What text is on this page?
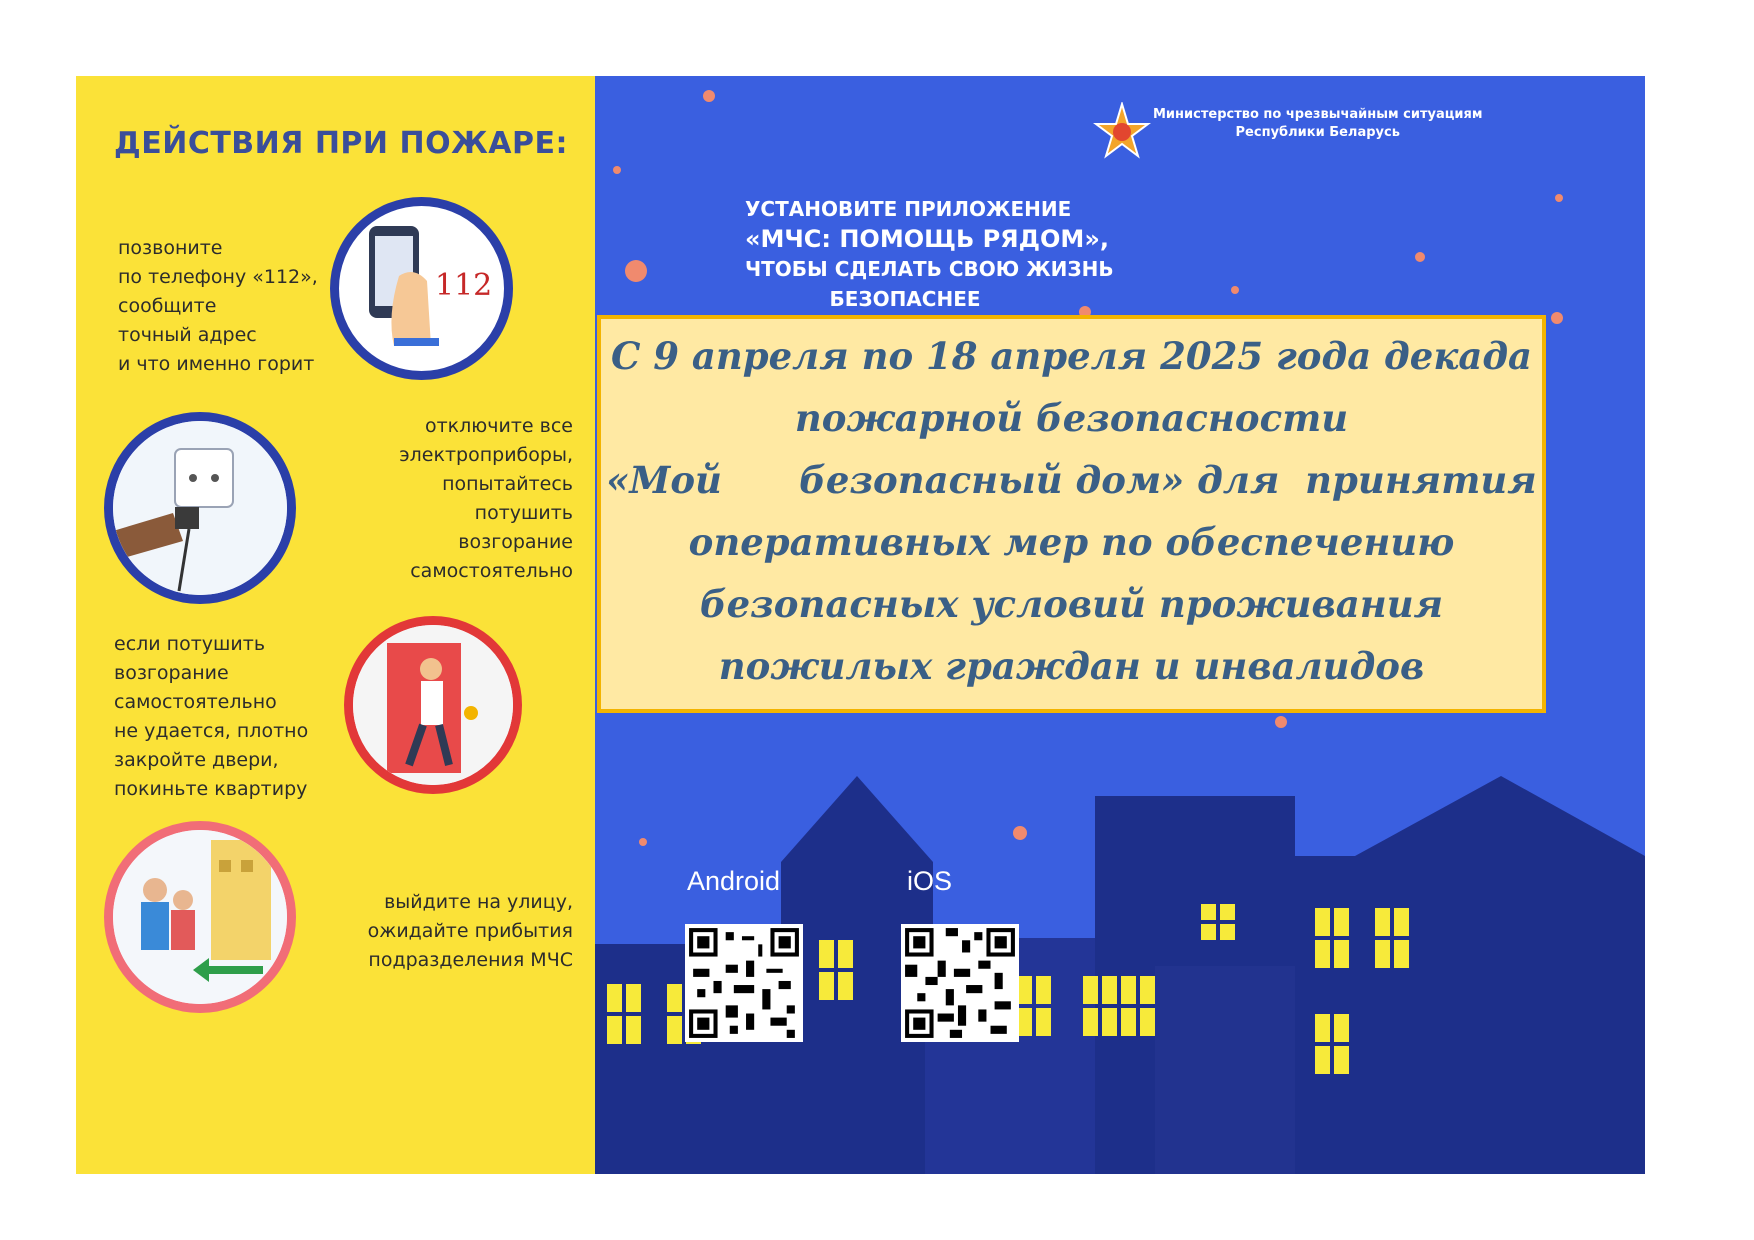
ДЕЙСТВИЯ ПРИ ПОЖАРЕ:
позвоните
по телефону «112»,
сообщите
точный адрес
и что именно горит
112
отключите все
электроприборы,
попытайтесь
потушить
возгорание
самостоятельно
если потушить
возгорание
самостоятельно
не удается, плотно
закройте двери,
покиньте квартиру
выйдите на улицу,
ожидайте прибытия
подразделения МЧС
Министерство по чрезвычайным ситуациям
Республики Беларусь
УСТАНОВИТЕ ПРИЛОЖЕНИЕ
«МЧС: ПОМОЩЬ РЯДОМ»,
ЧТОБЫ СДЕЛАТЬ СВОЮ ЖИЗНЬ
БЕЗОПАСНЕЕ
Android	iOS
С 9 апреля по 18 апреля 2025 года декада
пожарной безопасности
«Мой      безопасный дом» для  принятия
оперативных мер по обеспечению
безопасных условий проживания
пожилых граждан и инвалидов
